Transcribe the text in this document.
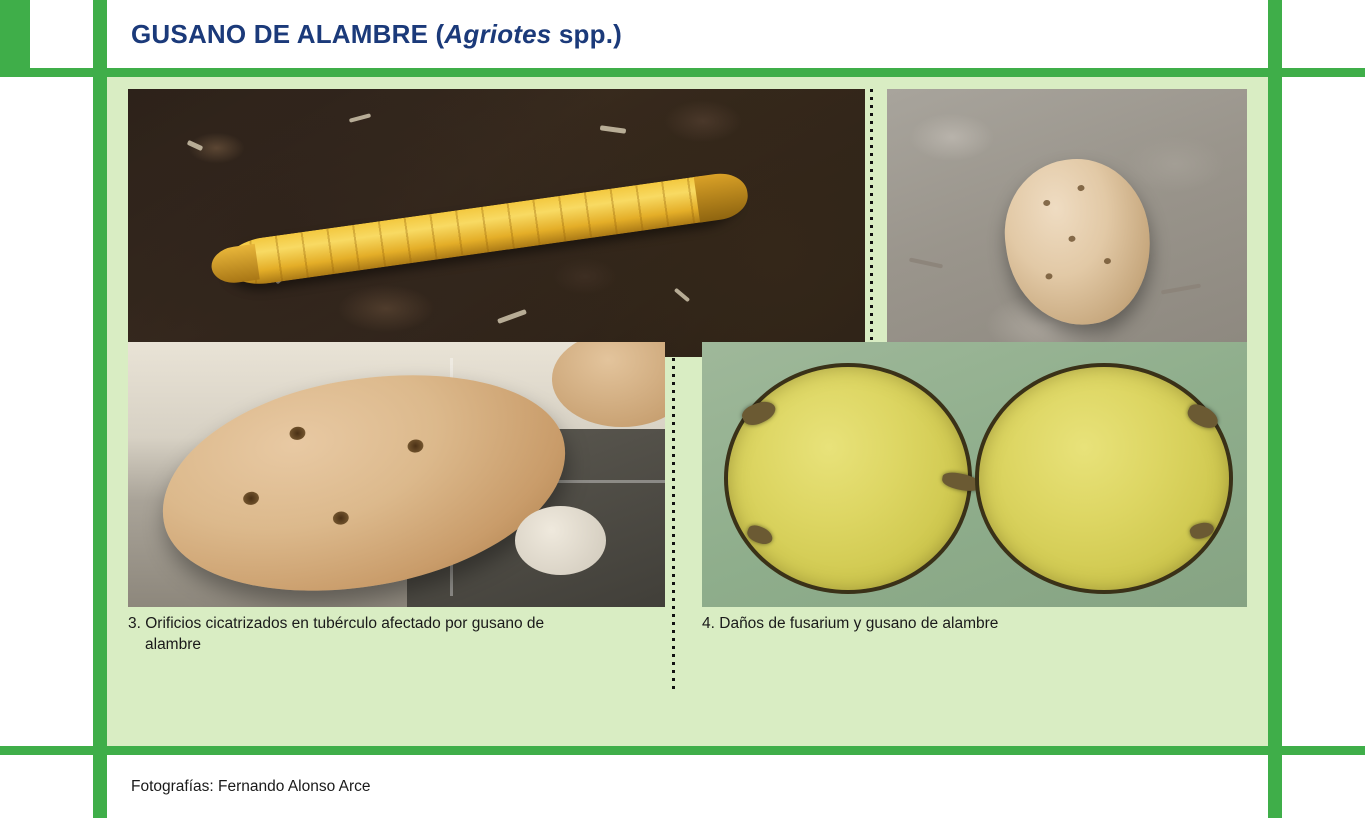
GUSANO DE ALAMBRE (Agriotes spp.)
3. Orificios cicatrizados en tubérculo afectado por gusano de
alambre
4. Daños de fusarium y gusano de alambre
Fotografías: Fernando Alonso Arce
